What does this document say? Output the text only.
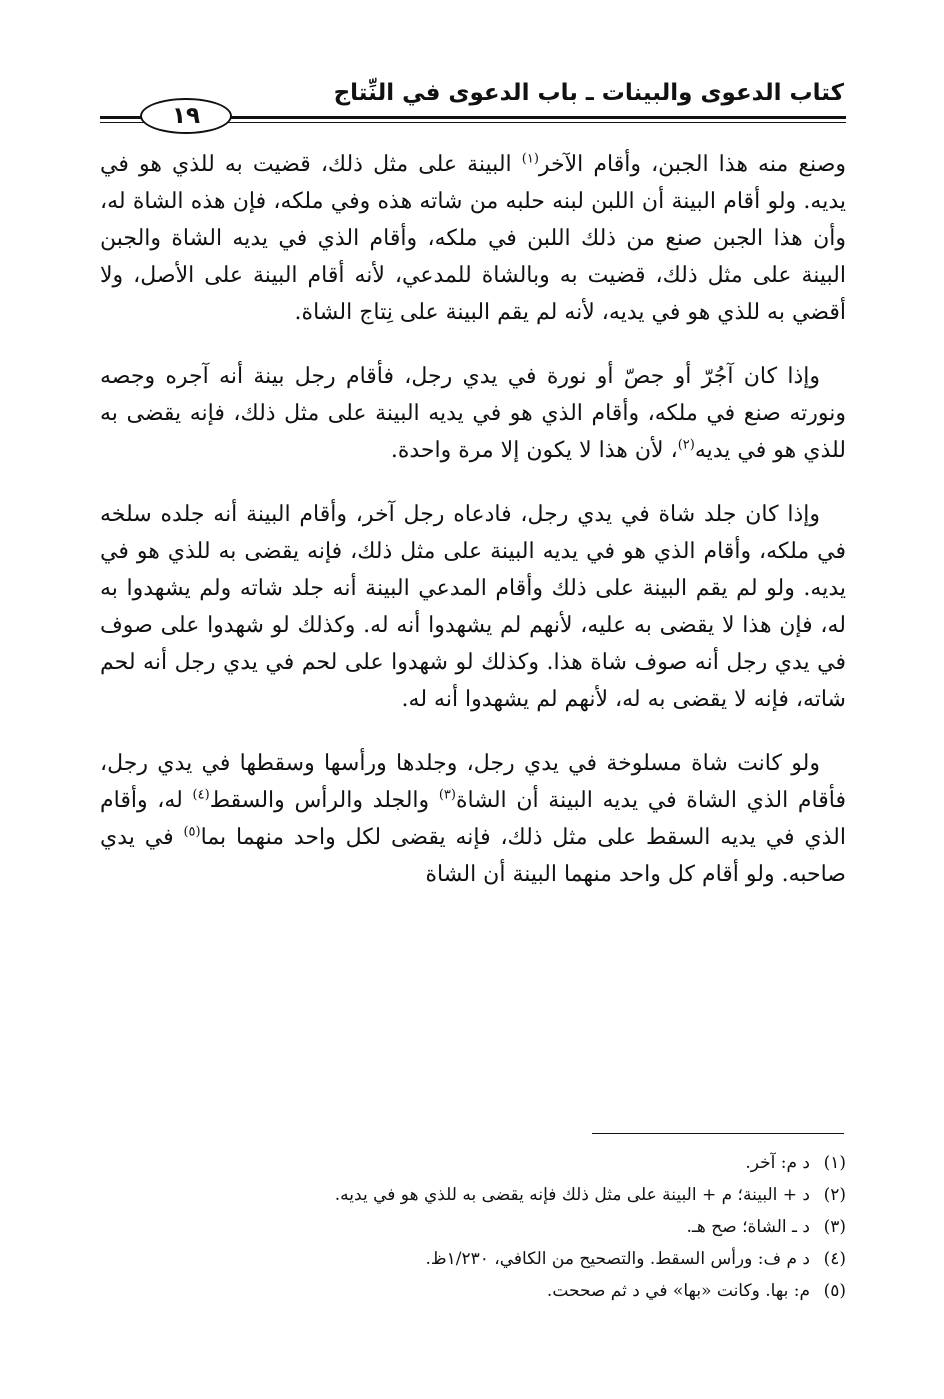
كتاب الدعوى والبينات ـ باب الدعوى في النِّتاج
١٩

وصنع منه هذا الجبن، وأقام الآخر$^{(١)}$ البينة على مثل ذلك، قضيت به للذي هو في يديه. ولو أقام البينة أن اللبن لبنه حلبه من شاته هذه وفي ملكه، فإن هذه الشاة له، وأن هذا الجبن صنع من ذلك اللبن في ملكه، وأقام الذي في يديه الشاة والجبن البينة على مثل ذلك، قضيت به وبالشاة للمدعي، لأنه أقام البينة على الأصل، ولا أقضي به للذي هو في يديه، لأنه لم يقم البينة على نِتاج الشاة.

وإذا كان آجُرّ أو جصّ أو نورة في يدي رجل، فأقام رجل بينة أنه آجره وجصه ونورته صنع في ملكه، وأقام الذي هو في يديه البينة على مثل ذلك، فإنه يقضى به للذي هو في يديه$^{(٢)}$، لأن هذا لا يكون إلا مرة واحدة.

وإذا كان جلد شاة في يدي رجل، فادعاه رجل آخر، وأقام البينة أنه جلده سلخه في ملكه، وأقام الذي هو في يديه البينة على مثل ذلك، فإنه يقضى به للذي هو في يديه. ولو لم يقم البينة على ذلك وأقام المدعي البينة أنه جلد شاته ولم يشهدوا به له، فإن هذا لا يقضى به عليه، لأنهم لم يشهدوا أنه له. وكذلك لو شهدوا على صوف في يدي رجل أنه صوف شاة هذا. وكذلك لو شهدوا على لحم في يدي رجل أنه لحم شاته، فإنه لا يقضى به له، لأنهم لم يشهدوا أنه له.

ولو كانت شاة مسلوخة في يدي رجل، وجلدها ورأسها وسقطها في يدي رجل، فأقام الذي الشاة في يديه البينة أن الشاة$^{(٣)}$ والجلد والرأس والسقط$^{(٤)}$ له، وأقام الذي في يديه السقط على مثل ذلك، فإنه يقضى لكل واحد منهما بما$^{(٥)}$ في يدي صاحبه. ولو أقام كل واحد منهما البينة أن الشاة

(١)د م: آخر.
(٢)د + البينة؛ م + البينة على مثل ذلك فإنه يقضى به للذي هو في يديه.
(٣)د ـ الشاة؛ صح هـ.
(٤)د م ف: ورأس السقط. والتصحيح من الكافي، ١/٢٣٠ظ.
(٥)م: بها. وكانت «بها» في د ثم صححت.
